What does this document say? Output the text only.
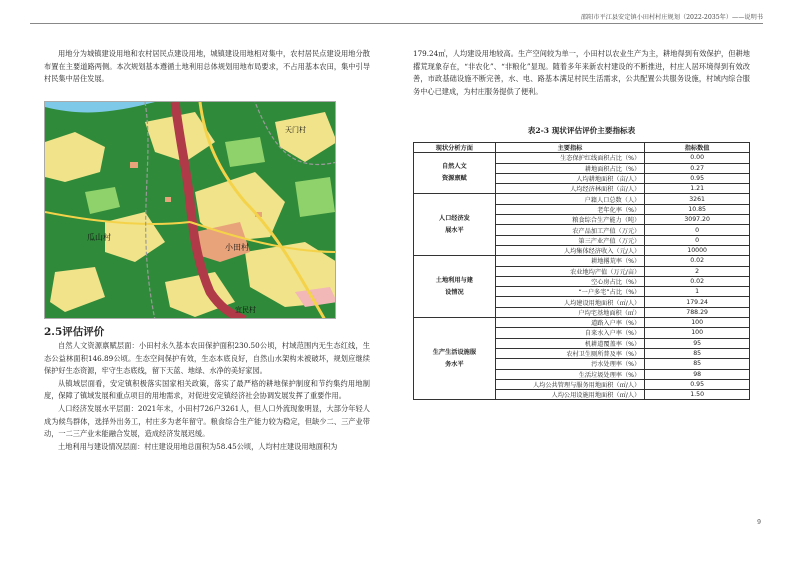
邵阳市平江县安定镇小田村村庄规划（2022-2035年）——说明书

用地分为城镇建设用地和农村居民点建设用地，城镇建设用地相对集中，农村居民点建设用地分散布置在主要道路两侧。本次规划基本遵循土地利用总体规划用地布局要求，不占用基本农田，集中引导村民集中居住发展。

瓜山村
小田村
天门村
宜民村
2.5评估评价

自然人文资源禀赋层面：小田村永久基本农田保护面积230.50公顷，村域范围内无生态红线，生态公益林面积146.89公顷。生态空间保护有效，生态本底良好，自然山水架构未被破坏，规划应继续保护好生态资源，牢守生态底线，留下天蓝、地绿、水净的美好家园。

从镇域层面看，安定镇积极落实国家相关政策，落实了最严格的耕地保护制度和节约集约用地制度，保障了镇域发展和重点项目的用地需求，对促进安定镇经济社会协调发展发挥了重要作用。

人口经济发展水平层面：2021年末，小田村726户3261人，但人口外流现象明显，大部分年轻人成为候鸟群体，选择外出务工，村庄多为老年留守。粮食综合生产能力较为稳定，但缺少二、三产业带动，一二三产业未能融合发展，造成经济发展迟缓。

土地利用与建设情况层面：村庄建设用地总面积为58.45公顷，人均村庄建设用地面积为

179.24㎡，人均建设用地较高。生产空间较为单一，小田村以农业生产为主，耕地得到有效保护，但耕地撂荒现象存在，“非农化”、“非粮化”显现。随着多年来新农村建设的不断推进，村庄人居环境得到有效改善，市政基础设施不断完善，水、电、路基本满足村民生活需求，公共配置公共服务设施，村域内综合服务中心已建成，为村庄服务提供了便利。

表2-3 现状评估评价主要指标表
现状分析方面	主要指标	指标数值

自然人文
资源禀赋	生态保护红线面积占比（%）	0.00
	耕地面积占比（%）	0.27
	人均耕地面积（亩/人）	0.95
	人均经济林面积（亩/人）	1.21

人口经济发
展水平	户籍人口总数（人）	3261
	老年化率（%）	10.85
	粮食综合生产能力（吨）	3097.20
	农产品加工产值（万元）	0
	第三产业产值（万元）	0
	人均集体经济收入（元/人）	10000

土地利用与建
设情况	耕地撂荒率（%）	0.02
	农业地均产值（万元/亩）	2
	空心房占比（%）	0.02
	“一户多宅”占比（%）	1
	人均建设用地面积（㎡/人）	179.24
	户均宅基地面积（㎡）	788.29

生产生活设施服
务水平	道路入户率（%）	100
	自来水入户率（%）	100
	机耕道覆盖率（%）	95
	农村卫生厕所普及率（%）	85
	污水处理率（%）	85
	生活垃圾处理率（%）	98
	人均公共管理与服务用地面积（㎡/人）	0.95
	人均公用设施用地面积（㎡/人）	1.50
9
